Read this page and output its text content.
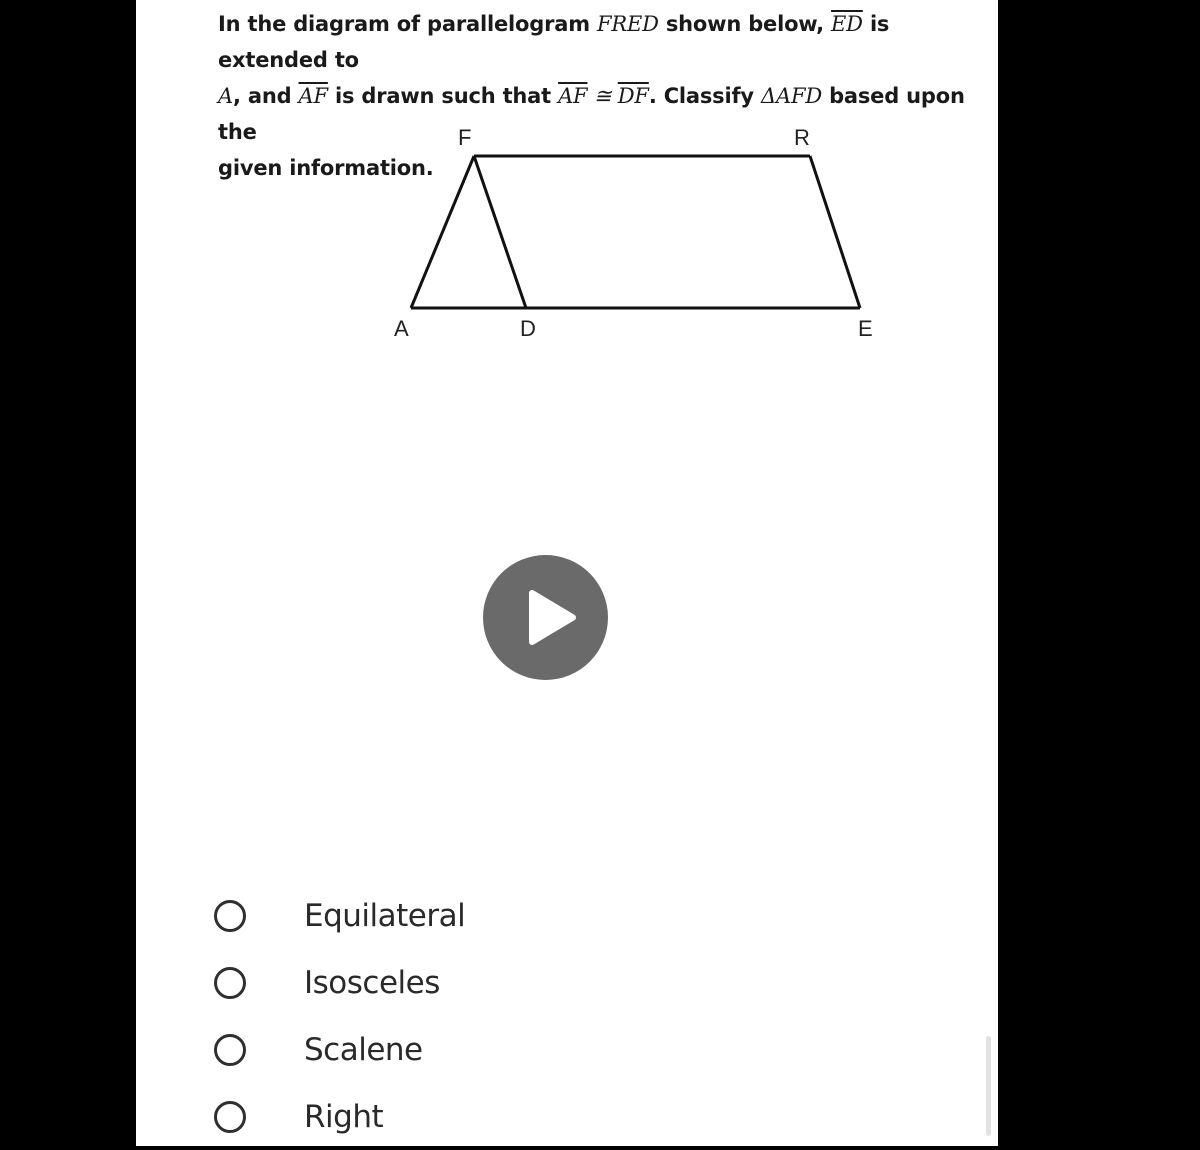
In the diagram of parallelogram FRED shown below, $\overline{ED}$ is extended to
A, and $\overline{AF}$ is drawn such that $\overline{AF}$ ≅ $\overline{DF}$. Classify ΔAFD based upon the
given information.
F	R
A	D	E
Equilateral
Isosceles
Scalene
Right
